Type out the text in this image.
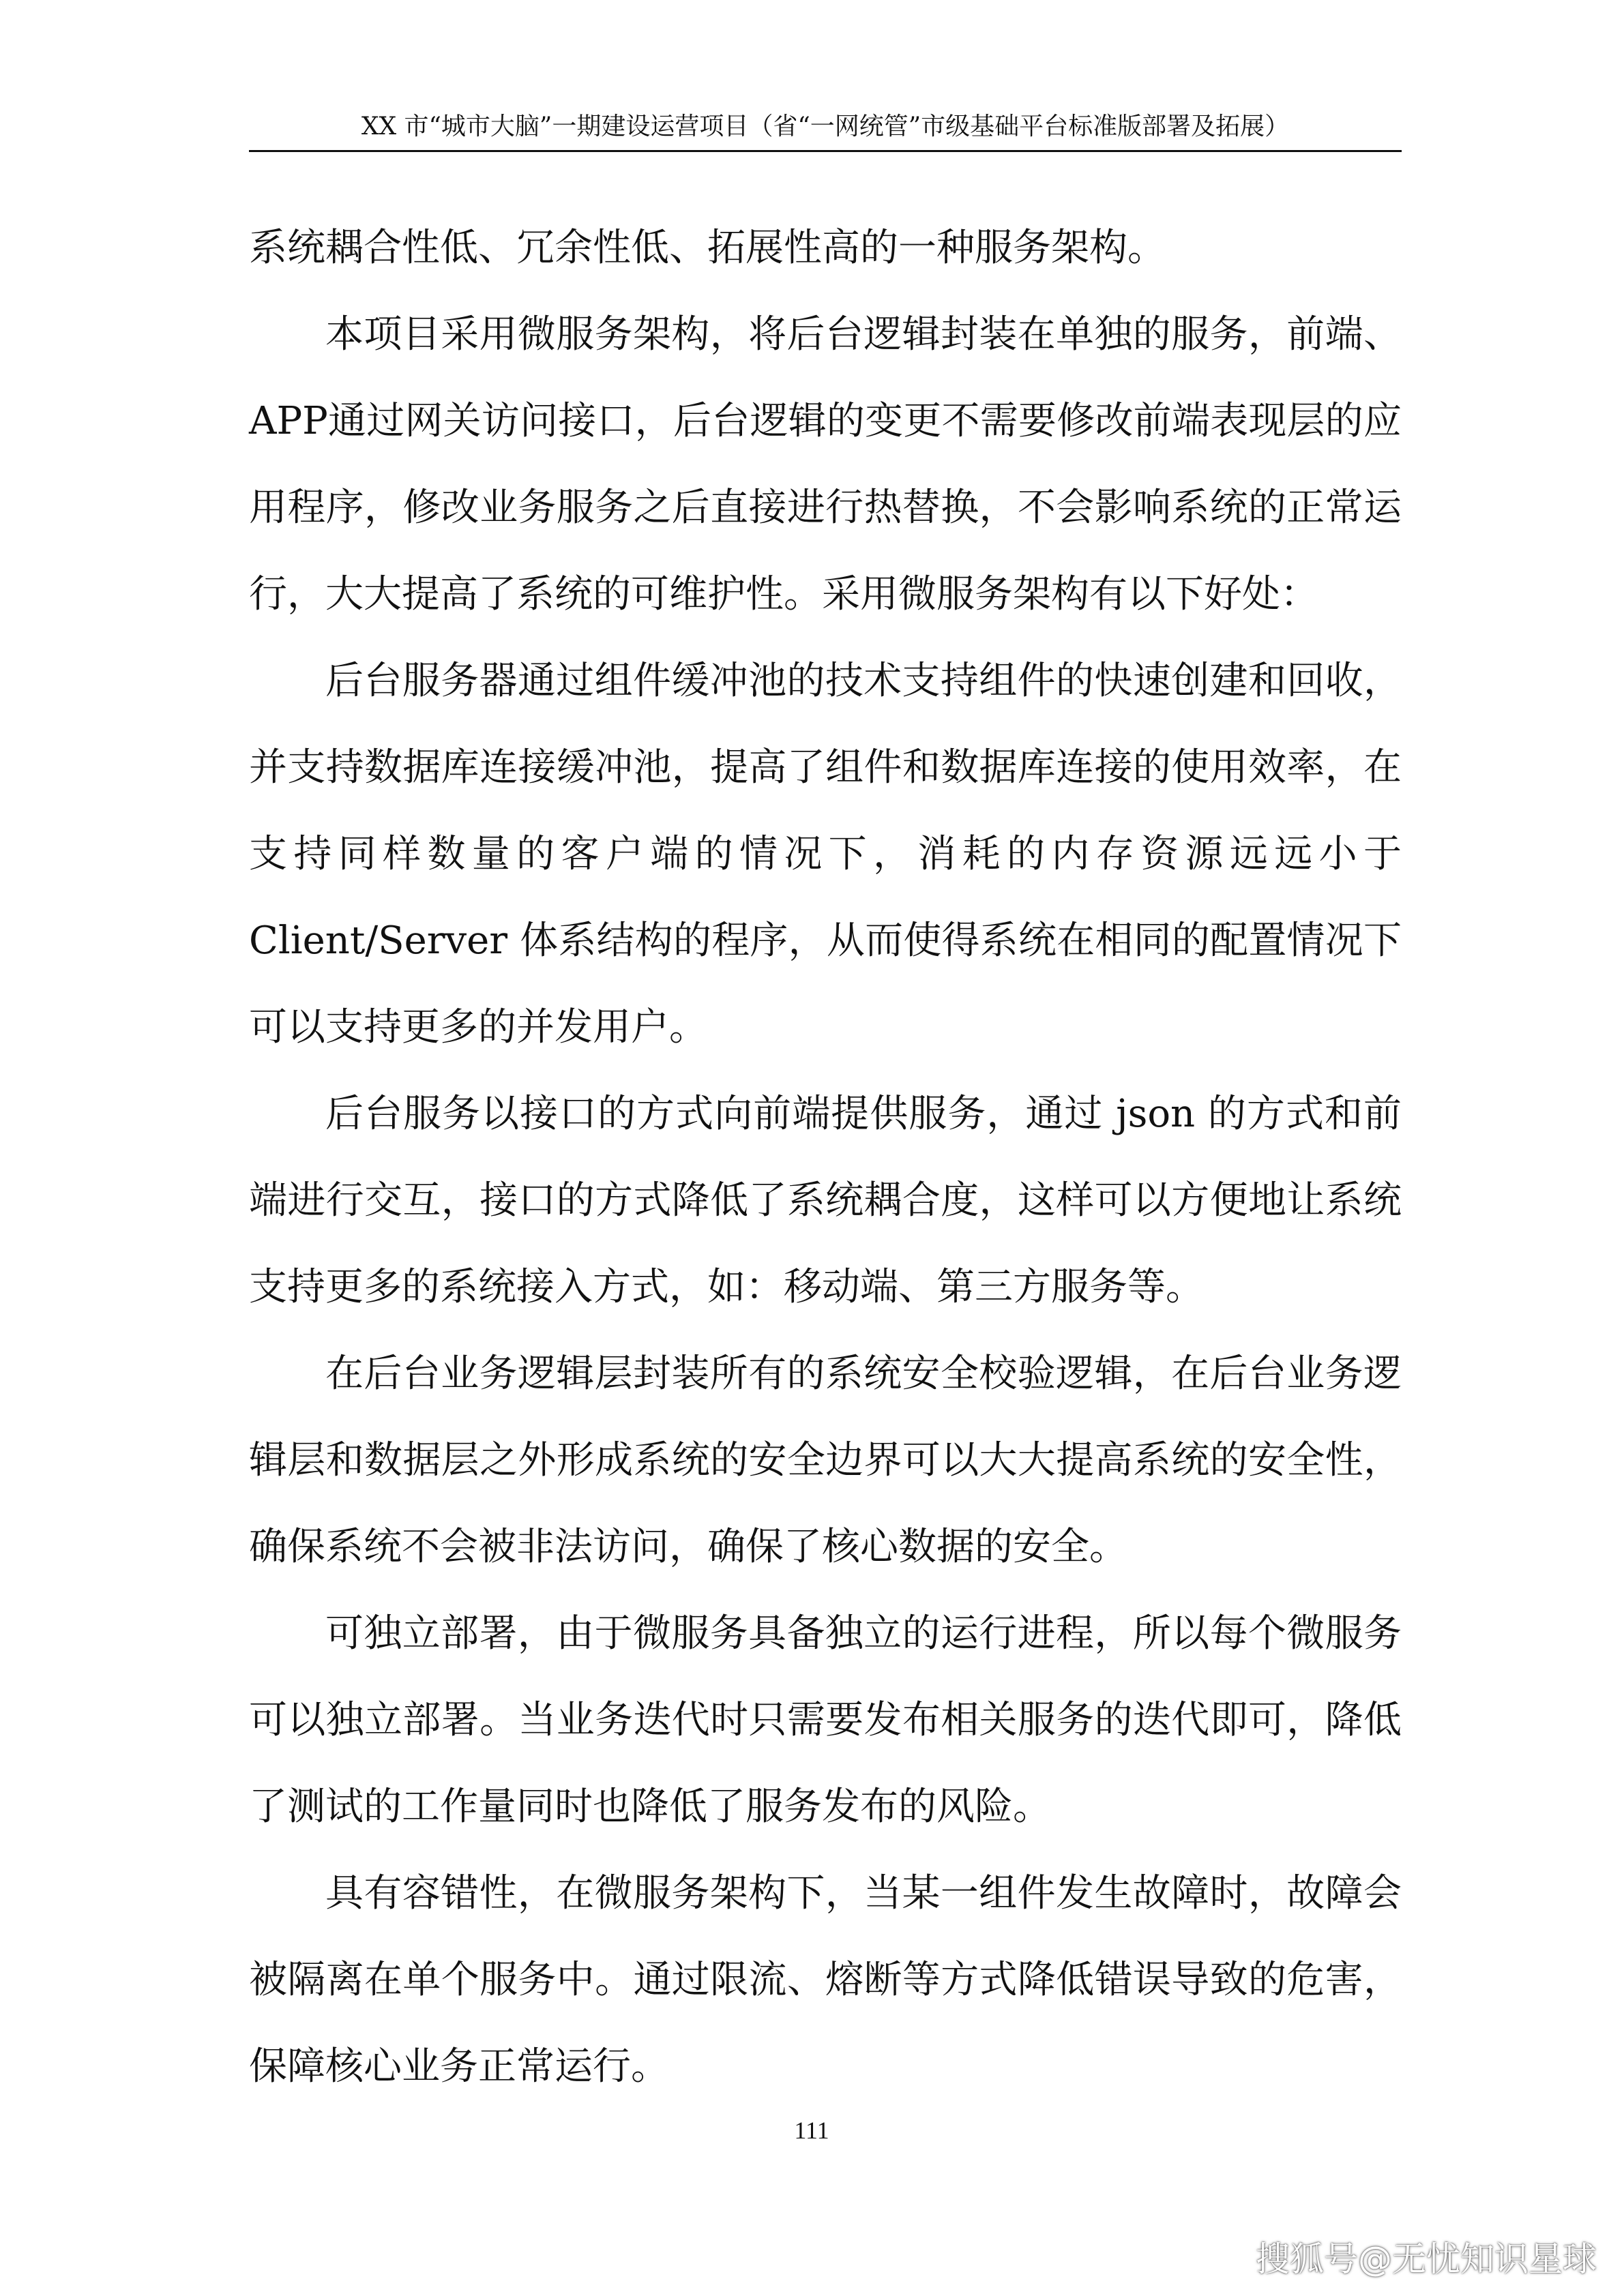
XX 市“城市大脑”一期建设运营项目（省“一网统管”市级基础平台标准版部署及拓展）

系统耦合性低、冗余性低、拓展性高的一种服务架构。

本项目采用微服务架构，将后台逻辑封装在单独的服务，前端、APP通过网关访问接口，后台逻辑的变更不需要修改前端表现层的应用程序，修改业务服务之后直接进行热替换，不会影响系统的正常运行，大大提高了系统的可维护性。采用微服务架构有以下好处：

后台服务器通过组件缓冲池的技术支持组件的快速创建和回收，并支持数据库连接缓冲池，提高了组件和数据库连接的使用效率，在支持同样数量的客户端的情况下，消耗的内存资源远远小于 Client/Server 体系结构的程序，从而使得系统在相同的配置情况下可以支持更多的并发用户。

后台服务以接口的方式向前端提供服务，通过 json 的方式和前端进行交互，接口的方式降低了系统耦合度，这样可以方便地让系统支持更多的系统接入方式，如：移动端、第三方服务等。

在后台业务逻辑层封装所有的系统安全校验逻辑，在后台业务逻辑层和数据层之外形成系统的安全边界可以大大提高系统的安全性，确保系统不会被非法访问，确保了核心数据的安全。

可独立部署，由于微服务具备独立的运行进程，所以每个微服务可以独立部署。当业务迭代时只需要发布相关服务的迭代即可，降低了测试的工作量同时也降低了服务发布的风险。

具有容错性，在微服务架构下，当某一组件发生故障时，故障会被隔离在单个服务中。通过限流、熔断等方式降低错误导致的危害，保障核心业务正常运行。

111
搜狐号@无忧知识星球
